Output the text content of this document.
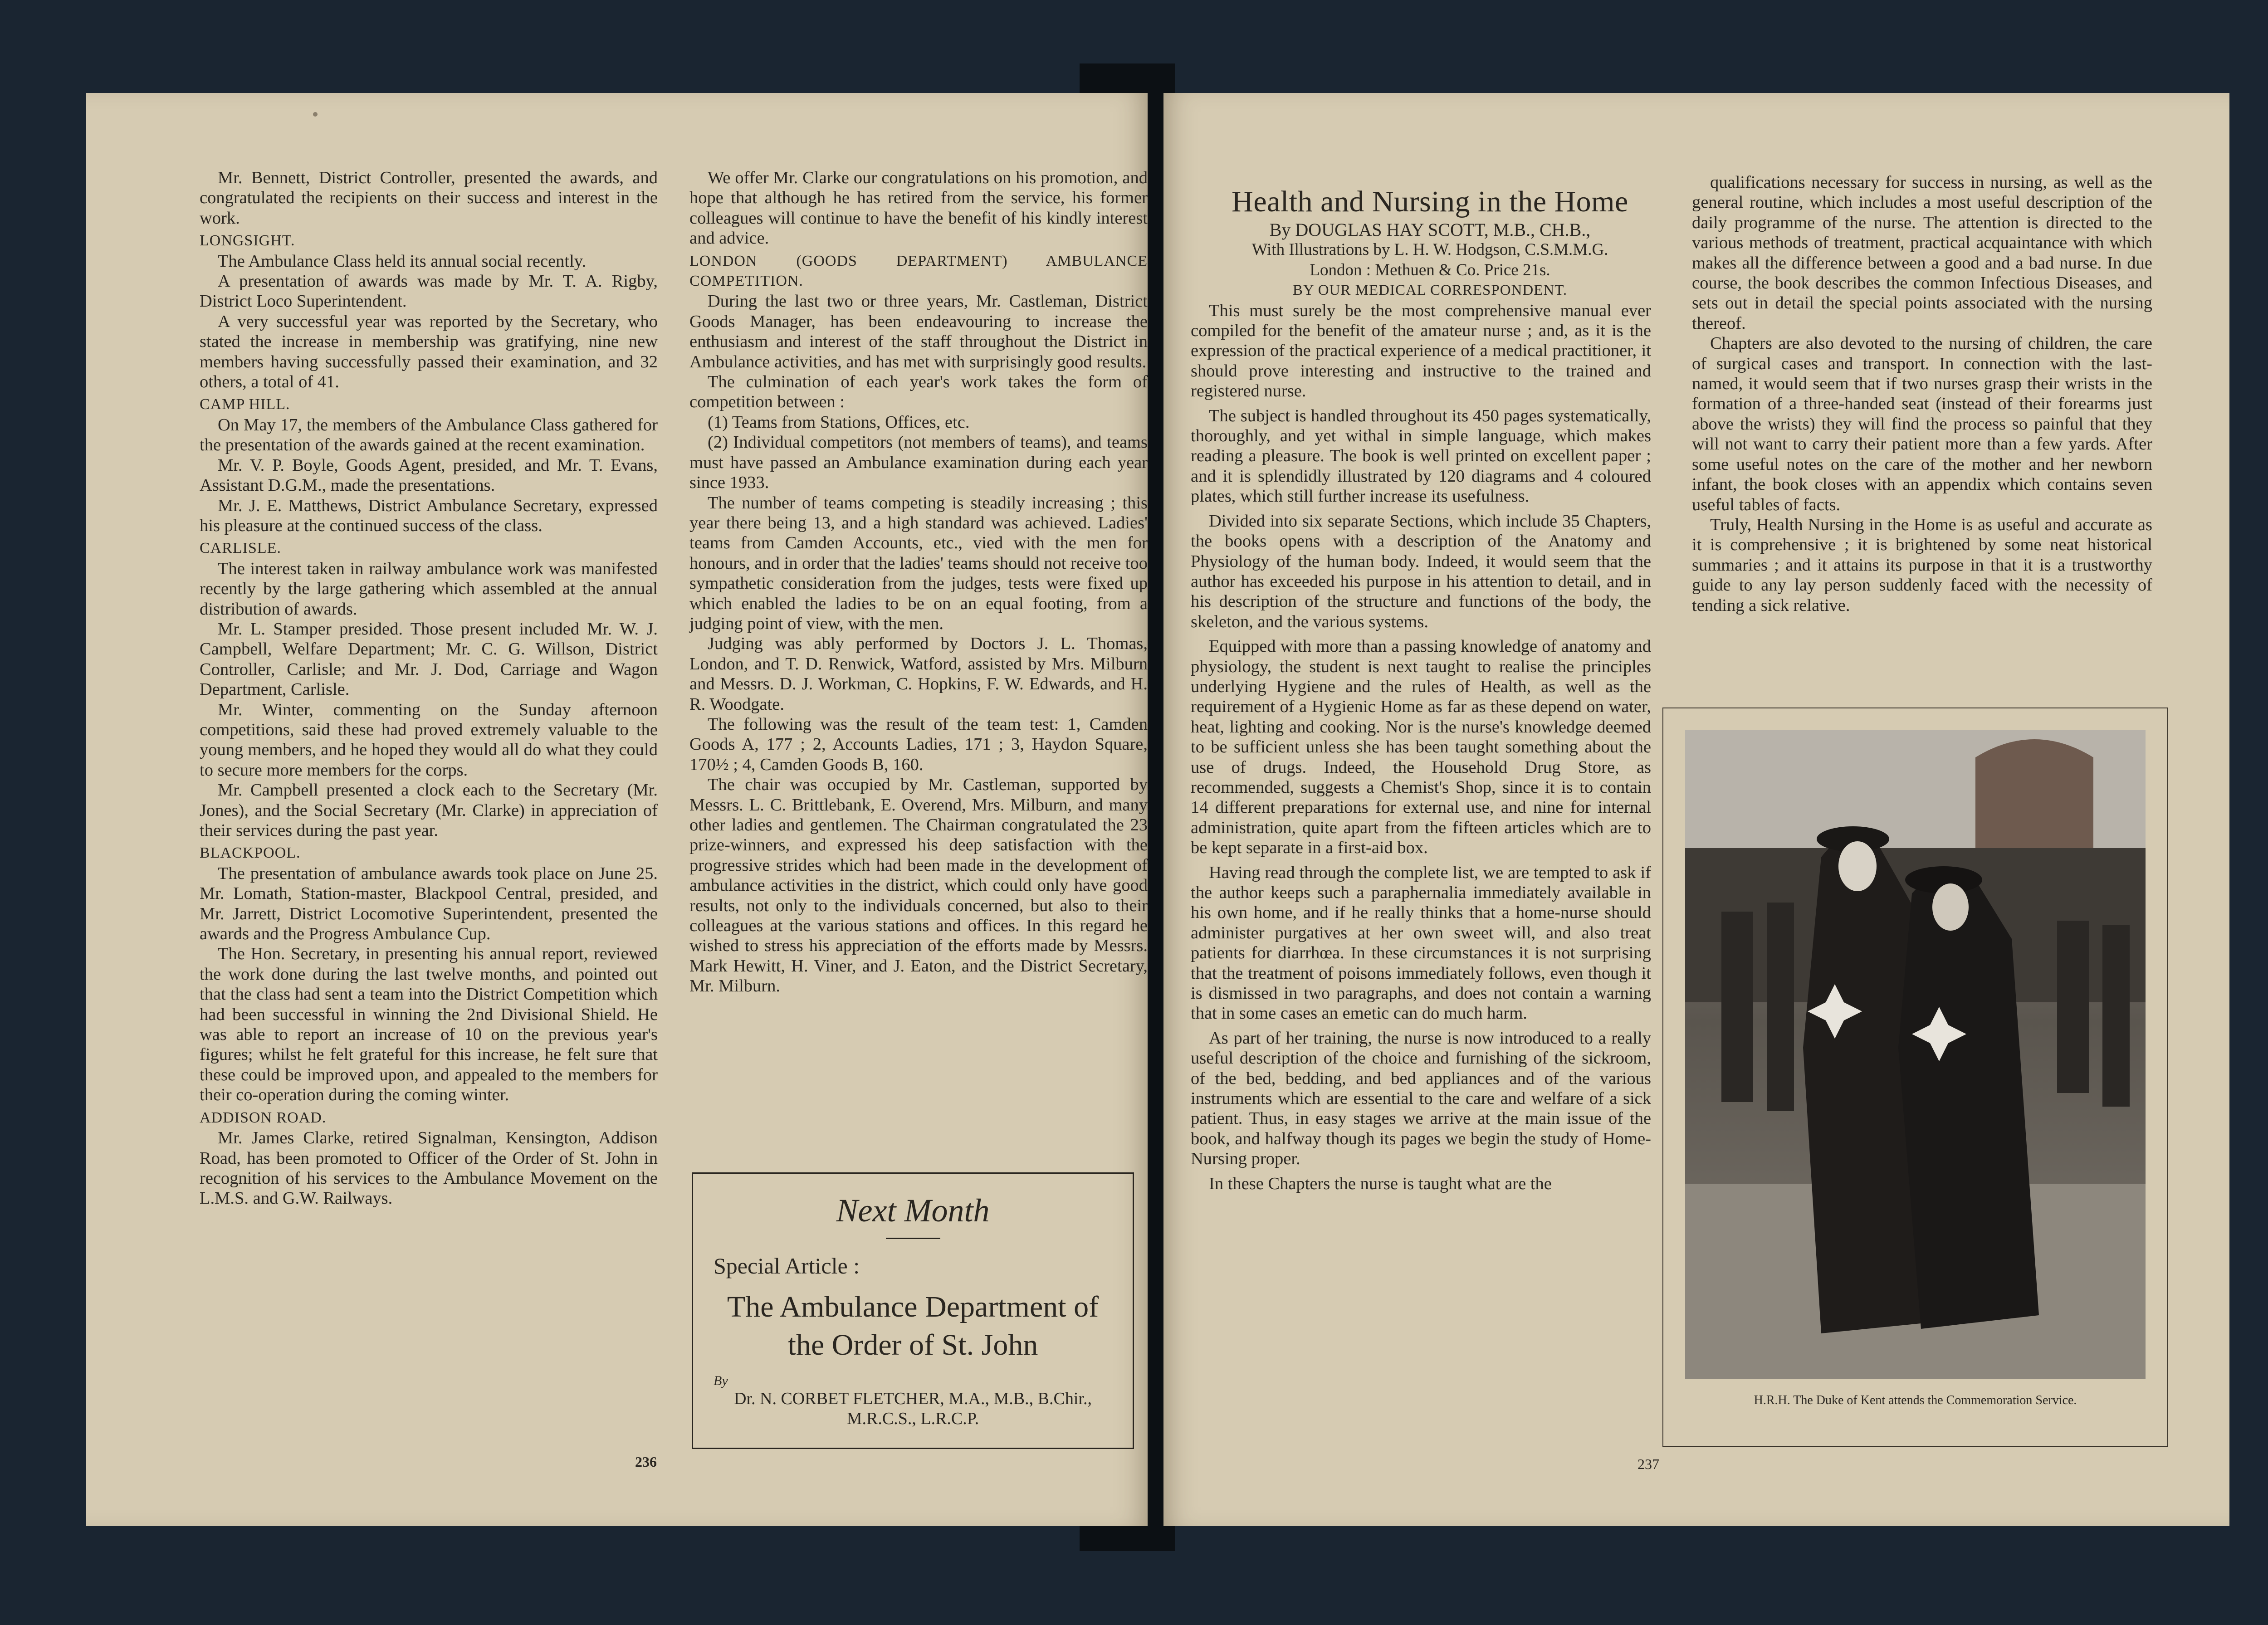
Mr. Bennett, District Controller, presented the awards, and congratulated the recipients on their success and interest in the work.

LONGSIGHT.

The Ambulance Class held its annual social recently.

A presentation of awards was made by Mr. T. A. Rigby, District Loco Superintendent.

A very successful year was reported by the Secretary, who stated the increase in membership was gratifying, nine new members having successfully passed their examination, and 32 others, a total of 41.

CAMP HILL.

On May 17, the members of the Ambulance Class gathered for the presentation of the awards gained at the recent examination.

Mr. V. P. Boyle, Goods Agent, presided, and Mr. T. Evans, Assistant D.G.M., made the presentations.

Mr. J. E. Matthews, District Ambulance Secretary, expressed his pleasure at the continued success of the class.

CARLISLE.

The interest taken in railway ambulance work was manifested recently by the large gathering which assembled at the annual distribution of awards.

Mr. L. Stamper presided. Those present included Mr. W. J. Campbell, Welfare Department; Mr. C. G. Willson, District Controller, Carlisle; and Mr. J. Dod, Carriage and Wagon Department, Carlisle.

Mr. Winter, commenting on the Sunday afternoon competitions, said these had proved extremely valuable to the young members, and he hoped they would all do what they could to secure more members for the corps.

Mr. Campbell presented a clock each to the Secretary (Mr. Jones), and the Social Secretary (Mr. Clarke) in appreciation of their services during the past year.

BLACKPOOL.

The presentation of ambulance awards took place on June 25. Mr. Lomath, Station-master, Blackpool Central, presided, and Mr. Jarrett, District Locomotive Superintendent, presented the awards and the Progress Ambulance Cup.

The Hon. Secretary, in presenting his annual report, reviewed the work done during the last twelve months, and pointed out that the class had sent a team into the District Competition which had been successful in winning the 2nd Divisional Shield. He was able to report an increase of 10 on the previous year's figures; whilst he felt grateful for this increase, he felt sure that these could be improved upon, and appealed to the members for their co-operation during the coming winter.

ADDISON ROAD.

Mr. James Clarke, retired Signalman, Kensington, Addison Road, has been promoted to Officer of the Order of St. John in recognition of his services to the Ambulance Movement on the L.M.S. and G.W. Railways.

We offer Mr. Clarke our congratulations on his promotion, and hope that although he has retired from the service, his former colleagues will continue to have the benefit of his kindly interest and advice.

LONDON (GOODS DEPARTMENT) AMBULANCE COMPETITION.

During the last two or three years, Mr. Castleman, District Goods Manager, has been endeavouring to increase the enthusiasm and interest of the staff throughout the District in Ambulance activities, and has met with surprisingly good results.

The culmination of each year's work takes the form of competition between :

(1) Teams from Stations, Offices, etc.

(2) Individual competitors (not members of teams), and teams must have passed an Ambulance examination during each year since 1933.

The number of teams competing is steadily increasing ; this year there being 13, and a high standard was achieved. Ladies' teams from Camden Accounts, etc., vied with the men for honours, and in order that the ladies' teams should not receive too sympathetic consideration from the judges, tests were fixed up which enabled the ladies to be on an equal footing, from a judging point of view, with the men.

Judging was ably performed by Doctors J. L. Thomas, London, and T. D. Renwick, Watford, assisted by Mrs. Milburn and Messrs. D. J. Workman, C. Hopkins, F. W. Edwards, and H. R. Woodgate.

The following was the result of the team test: 1, Camden Goods A, 177 ; 2, Accounts Ladies, 171 ; 3, Haydon Square, 170½ ; 4, Camden Goods B, 160.

The chair was occupied by Mr. Castleman, supported by Messrs. L. C. Brittlebank, E. Overend, Mrs. Milburn, and many other ladies and gentlemen. The Chairman congratulated the 23 prize-winners, and expressed his deep satisfaction with the progressive strides which had been made in the development of ambulance activities in the district, which could only have good results, not only to the individuals concerned, but also to their colleagues at the various stations and offices. In this regard he wished to stress his appreciation of the efforts made by Messrs. Mark Hewitt, H. Viner, and J. Eaton, and the District Secretary, Mr. Milburn.

Next Month

Special Article :

The Ambulance Department of the Order of St. John

By

Dr. N. CORBET FLETCHER, M.A., M.B., B.Chir.,

M.R.C.S., L.R.C.P.

236

Health and Nursing in the Home

By DOUGLAS HAY SCOTT, M.B., CH.B.,

With Illustrations by L. H. W. Hodgson, C.S.M.M.G.

London : Methuen & Co. Price 21s.

BY OUR MEDICAL CORRESPONDENT.

This must surely be the most comprehensive manual ever compiled for the benefit of the amateur nurse ; and, as it is the expression of the practical experience of a medical practitioner, it should prove interesting and instructive to the trained and registered nurse.

The subject is handled throughout its 450 pages systematically, thoroughly, and yet withal in simple language, which makes reading a pleasure. The book is well printed on excellent paper ; and it is splendidly illustrated by 120 diagrams and 4 coloured plates, which still further increase its usefulness.

Divided into six separate Sections, which include 35 Chapters, the books opens with a description of the Anatomy and Physiology of the human body. Indeed, it would seem that the author has exceeded his purpose in his attention to detail, and in his description of the structure and functions of the body, the skeleton, and the various systems.

Equipped with more than a passing knowledge of anatomy and physiology, the student is next taught to realise the principles underlying Hygiene and the rules of Health, as well as the requirement of a Hygienic Home as far as these depend on water, heat, lighting and cooking. Nor is the nurse's knowledge deemed to be sufficient unless she has been taught something about the use of drugs. Indeed, the Household Drug Store, as recommended, suggests a Chemist's Shop, since it is to contain 14 different preparations for external use, and nine for internal administration, quite apart from the fifteen articles which are to be kept separate in a first-aid box.

Having read through the complete list, we are tempted to ask if the author keeps such a paraphernalia immediately available in his own home, and if he really thinks that a home-nurse should administer purgatives at her own sweet will, and also treat patients for diarrhœa. In these circumstances it is not surprising that the treatment of poisons immediately follows, even though it is dismissed in two paragraphs, and does not contain a warning that in some cases an emetic can do much harm.

As part of her training, the nurse is now introduced to a really useful description of the choice and furnishing of the sickroom, of the bed, bedding, and bed appliances and of the various instruments which are essential to the care and welfare of a sick patient. Thus, in easy stages we arrive at the main issue of the book, and halfway though its pages we begin the study of Home-Nursing proper.

In these Chapters the nurse is taught what are the

qualifications necessary for success in nursing, as well as the general routine, which includes a most useful description of the daily programme of the nurse. The attention is directed to the various methods of treatment, practical acquaintance with which makes all the difference between a good and a bad nurse. In due course, the book describes the common Infectious Diseases, and sets out in detail the special points associated with the nursing thereof.

Chapters are also devoted to the nursing of children, the care of surgical cases and transport. In connection with the last-named, it would seem that if two nurses grasp their wrists in the formation of a three-handed seat (instead of their forearms just above the wrists) they will find the process so painful that they will not want to carry their patient more than a few yards. After some useful notes on the care of the mother and her newborn infant, the book closes with an appendix which contains seven useful tables of facts.

Truly, Health Nursing in the Home is as useful and accurate as it is comprehensive ; it is brightened by some neat historical summaries ; and it attains its purpose in that it is a trustworthy guide to any lay person suddenly faced with the necessity of tending a sick relative.

H.R.H. The Duke of Kent attends the Commemoration Service.
237
